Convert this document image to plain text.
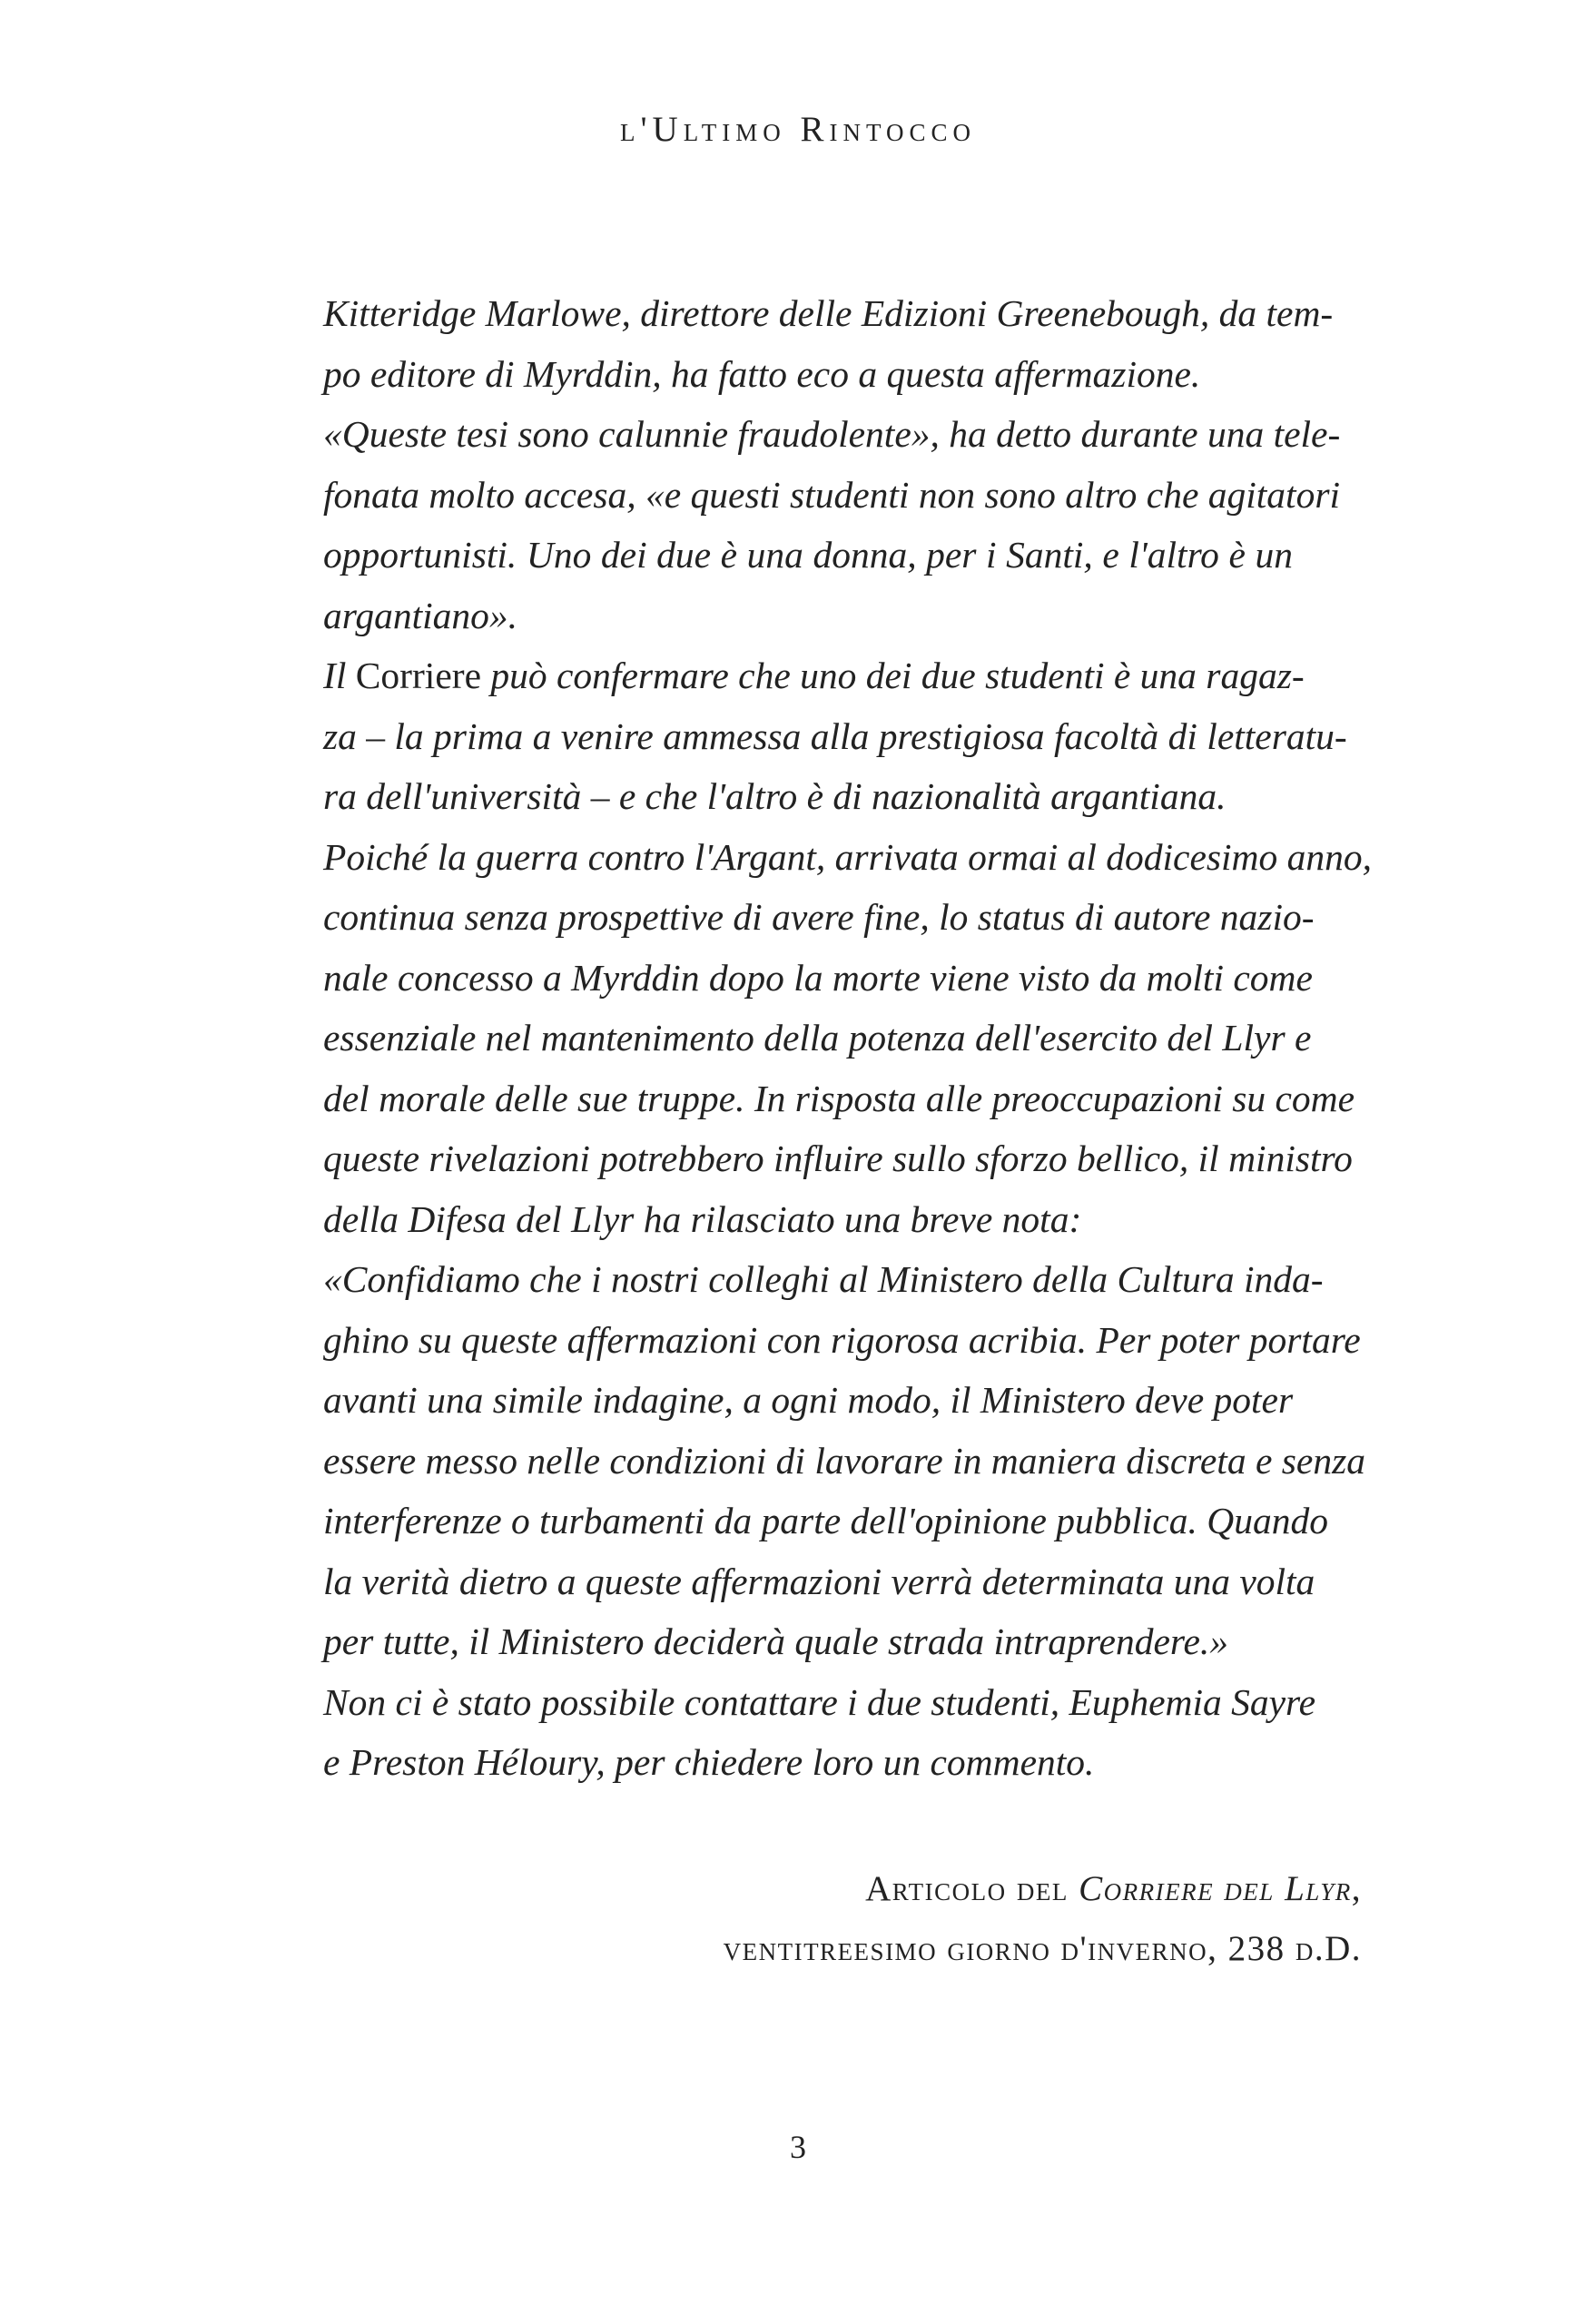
l'Ultimo Rintocco
Kitteridge Marlowe, direttore delle Edizioni Greenebough, da tem-
po editore di Myrddin, ha fatto eco a questa affermazione.
«Queste tesi sono calunnie fraudolente», ha detto durante una tele-
fonata molto accesa, «e questi studenti non sono altro che agitatori
opportunisti. Uno dei due è una donna, per i Santi, e l'altro è un
argantiano».
Il Corriere può confermare che uno dei due studenti è una ragaz-
za – la prima a venire ammessa alla prestigiosa facoltà di letteratu-
ra dell'università – e che l'altro è di nazionalità argantiana.
Poiché la guerra contro l'Argant, arrivata ormai al dodicesimo anno,
continua senza prospettive di avere fine, lo status di autore nazio-
nale concesso a Myrddin dopo la morte viene visto da molti come
essenziale nel mantenimento della potenza dell'esercito del Llyr e
del morale delle sue truppe. In risposta alle preoccupazioni su come
queste rivelazioni potrebbero influire sullo sforzo bellico, il ministro
della Difesa del Llyr ha rilasciato una breve nota:
«Confidiamo che i nostri colleghi al Ministero della Cultura inda-
ghino su queste affermazioni con rigorosa acribia. Per poter portare
avanti una simile indagine, a ogni modo, il Ministero deve poter
essere messo nelle condizioni di lavorare in maniera discreta e senza
interferenze o turbamenti da parte dell'opinione pubblica. Quando
la verità dietro a queste affermazioni verrà determinata una volta
per tutte, il Ministero deciderà quale strada intraprendere.»
Non ci è stato possibile contattare i due studenti, Euphemia Sayre
e Preston Héloury, per chiedere loro un commento.
Articolo del Corriere del Llyr,
ventitreesimo giorno d'inverno, 238 d.D.
3
